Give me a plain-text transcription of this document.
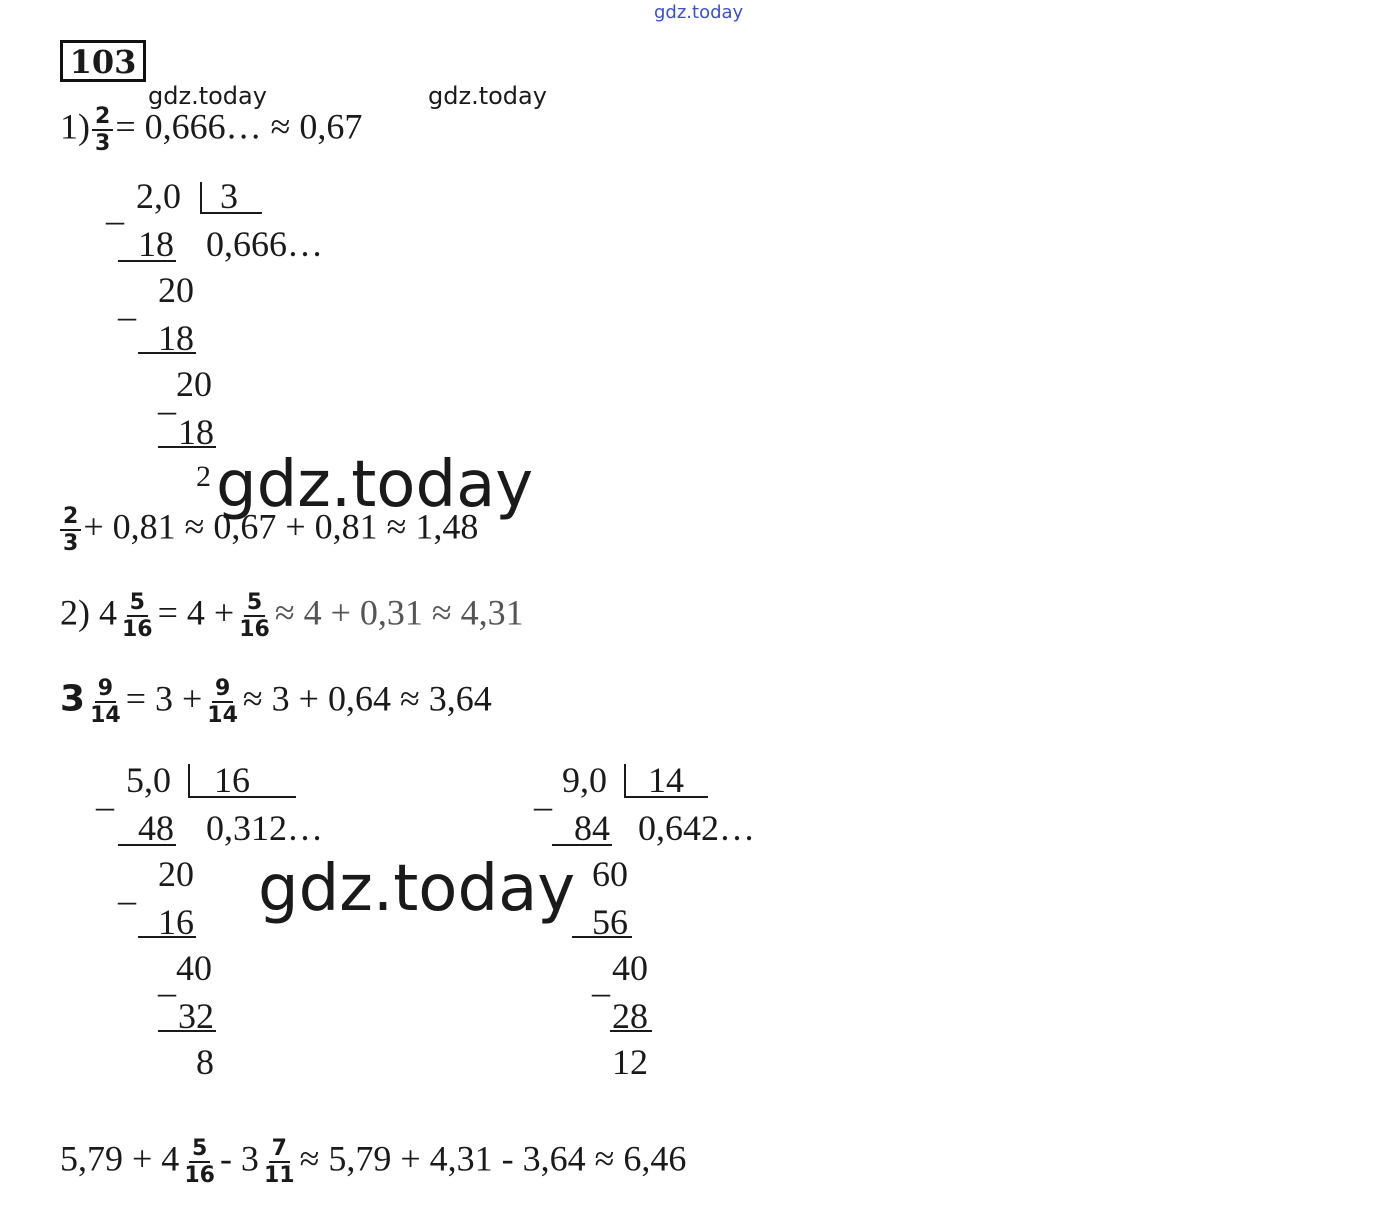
gdz.today
gdz.today	gdz.today
103
$1) \frac{2}{3}$ = 0,666… ≈ 0,67
_ 2,0 3
0,666…
18
_ 20
18
_ 20
18
2 gdz.today
$\frac{2}{3} + 0,81 \approx 0,67 + 0,81 \approx 1,48$
2) $4 \frac{5}{16} = 4 + \frac{5}{16} \approx 4 + 0,31 \approx 4,31$
$3 \frac{9}{14} = 3 + \frac{9}{14} \approx 3 + 0,64 \approx 3,64$
_ 5,0 16
0,312…
48
_ 20
16
_ 40
32
8
_ 9,0 14
0,642…
84
60
56
_ 40
28
12
gdz.today
$5,79 + 4 \frac{5}{16} - 3 \frac{7}{11} \approx 5,79 + 4,31 - 3,64 \approx 6,46$
